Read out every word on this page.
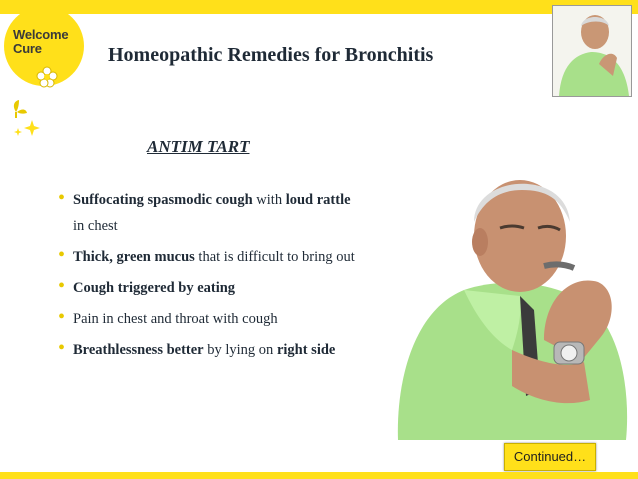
Welcome
Cure	Homeopathic Remedies for Bronchitis
ANTIM TART
• Suffocating spasmodic cough with loud rattle in chest
• Thick, green mucus that is difficult to bring out
• Cough triggered by eating
• Pain in chest and throat with cough
• Breathlessness better by lying on right side
Continued…
